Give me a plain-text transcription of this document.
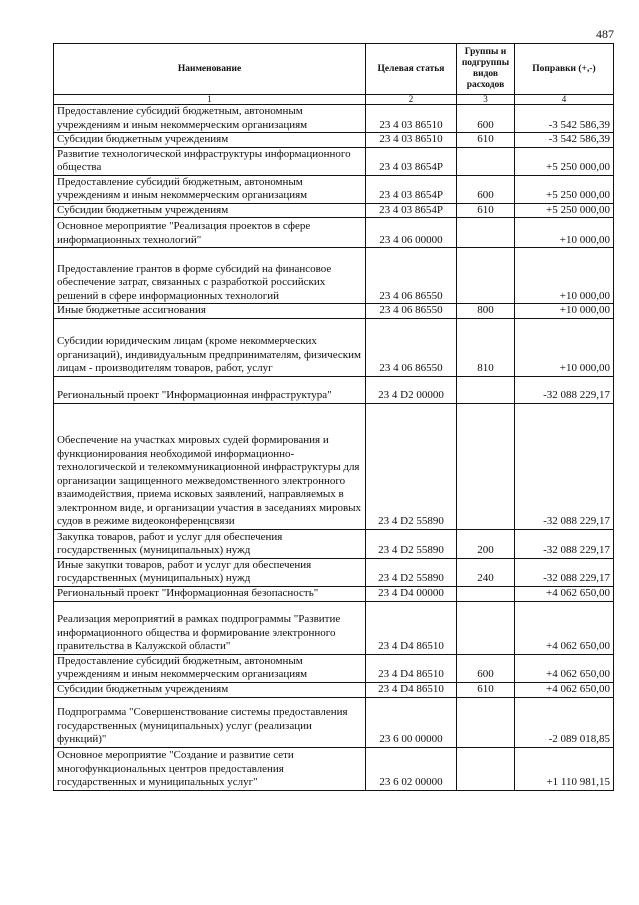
487
Наименование	Целевая статья	Группы и подгруппы видов расходов	Поправки (+,-)
1	2	3	4
Предоставление субсидий бюджетным, автономным учреждениям и иным некоммерческим организациям	23 4 03 86510	600	-3 542 586,39
Субсидии бюджетным учреждениям	23 4 03 86510	610	-3 542 586,39
Развитие технологической инфраструктуры информационного общества	23 4 03 8654P		+5 250 000,00
Предоставление субсидий бюджетным, автономным учреждениям и иным некоммерческим организациям	23 4 03 8654P	600	+5 250 000,00
Субсидии бюджетным учреждениям	23 4 03 8654P	610	+5 250 000,00
Основное мероприятие "Реализация проектов в сфере информационных технологий"	23 4 06 00000		+10 000,00
Предоставление грантов в форме субсидий на финансовое обеспечение затрат, связанных с разработкой российских решений в сфере информационных технологий	23 4 06 86550		+10 000,00
Иные бюджетные ассигнования	23 4 06 86550	800	+10 000,00
Субсидии юридическим лицам (кроме некоммерческих организаций), индивидуальным предпринимателям, физическим лицам - производителям товаров, работ, услуг	23 4 06 86550	810	+10 000,00
Региональный проект "Информационная инфраструктура"	23 4 D2 00000		-32 088 229,17
Обеспечение на участках мировых судей формирования и функционирования необходимой информационно-технологической и телекоммуникационной инфраструктуры для организации защищенного межведомственного электронного взаимодействия, приема исковых заявлений, направляемых в электронном виде, и организации участия в заседаниях мировых судов в режиме видеоконференцсвязи	23 4 D2 55890		-32 088 229,17
Закупка товаров, работ и услуг для обеспечения государственных (муниципальных) нужд	23 4 D2 55890	200	-32 088 229,17
Иные закупки товаров, работ и услуг для обеспечения государственных (муниципальных) нужд	23 4 D2 55890	240	-32 088 229,17
Региональный проект "Информационная безопасность"	23 4 D4 00000		+4 062 650,00
Реализация мероприятий в рамках подпрограммы "Развитие информационного общества и формирование электронного правительства в Калужской области"	23 4 D4 86510		+4 062 650,00
Предоставление субсидий бюджетным, автономным учреждениям и иным некоммерческим организациям	23 4 D4 86510	600	+4 062 650,00
Субсидии бюджетным учреждениям	23 4 D4 86510	610	+4 062 650,00
Подпрограмма "Совершенствование системы предоставления государственных (муниципальных) услуг (реализации функций)"	23 6 00 00000		-2 089 018,85
Основное мероприятие "Создание и развитие сети многофункциональных центров предоставления государственных и муниципальных услуг"	23 6 02 00000		+1 110 981,15
